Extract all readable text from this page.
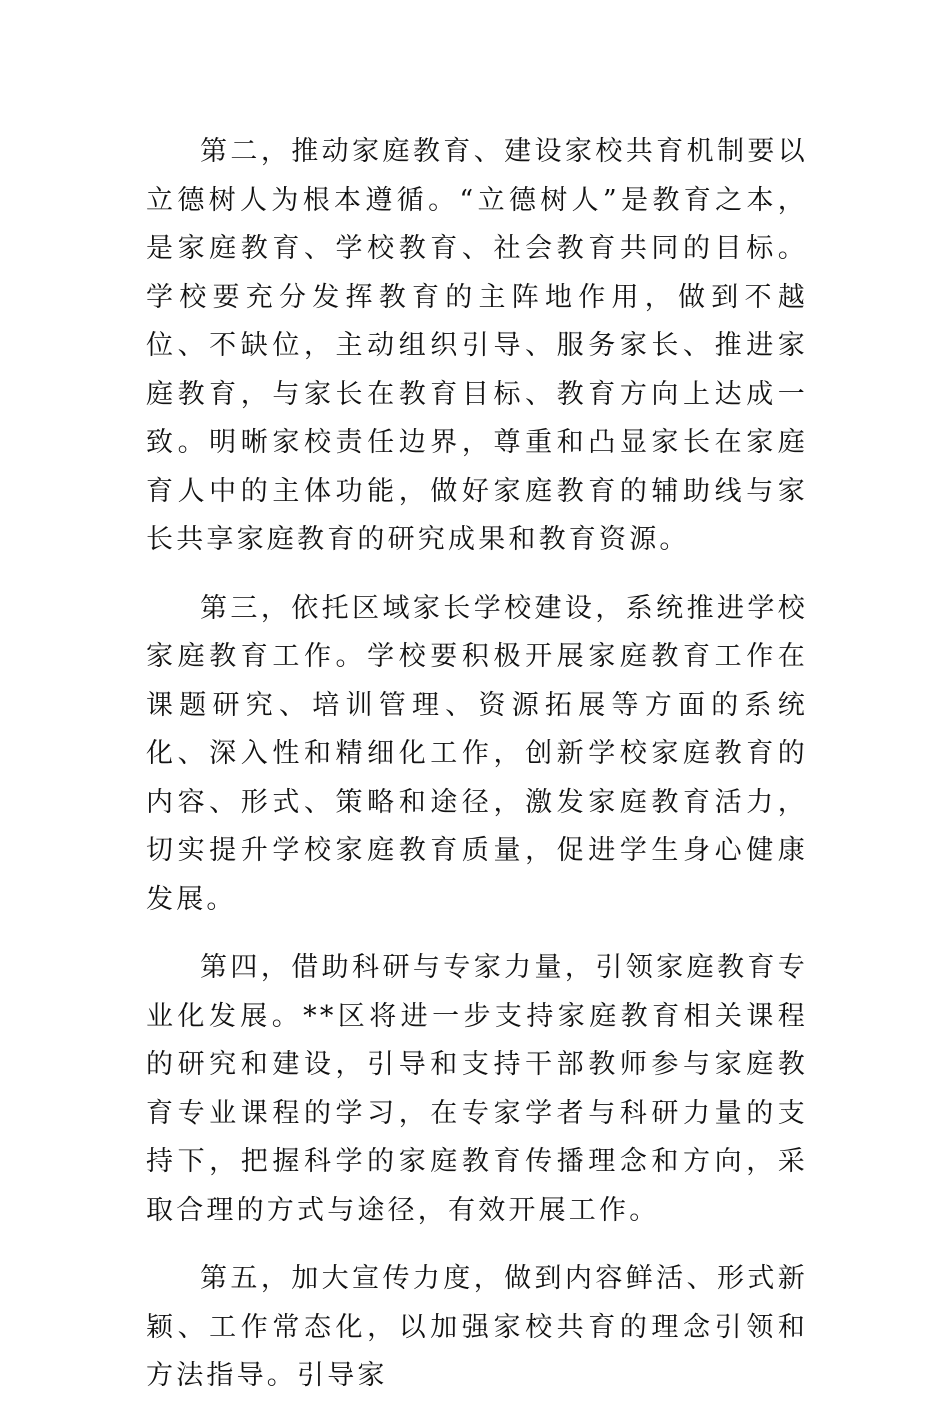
第二，推动家庭教育、建设家校共育机制要以立德树人为根本遵循。“立德树人”是教育之本，是家庭教育、学校教育、社会教育共同的目标。学校要充分发挥教育的主阵地作用，做到不越位、不缺位，主动组织引导、服务家长、推进家庭教育，与家长在教育目标、教育方向上达成一致。明晰家校责任边界，尊重和凸显家长在家庭育人中的主体功能，做好家庭教育的辅助线与家长共享家庭教育的研究成果和教育资源。

第三，依托区域家长学校建设，系统推进学校家庭教育工作。学校要积极开展家庭教育工作在课题研究、培训管理、资源拓展等方面的系统化、深入性和精细化工作，创新学校家庭教育的内容、形式、策略和途径，激发家庭教育活力，切实提升学校家庭教育质量，促进学生身心健康发展。

第四，借助科研与专家力量，引领家庭教育专业化发展。**区将进一步支持家庭教育相关课程的研究和建设，引导和支持干部教师参与家庭教育专业课程的学习，在专家学者与科研力量的支持下，把握科学的家庭教育传播理念和方向，采取合理的方式与途径，有效开展工作。

第五，加大宣传力度，做到内容鲜活、形式新颖、工作常态化，以加强家校共育的理念引领和方法指导。引导家
